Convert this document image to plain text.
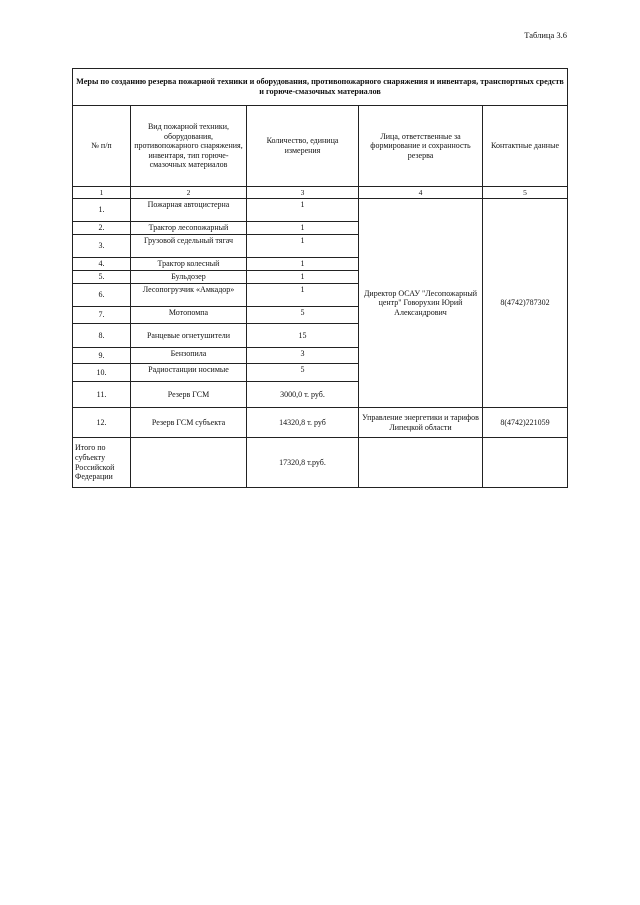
Таблица 3.6
Меры по созданию резерва пожарной техники и оборудования, противопожарного снаряжения и инвентаря, транспортных средств и горюче-смазочных материалов				
№ п/п	Вид пожарной техники, оборудования, противопожарного снаряжения, инвентаря, тип горюче-смазочных материалов	Количество, единица измерения	Лица, ответственные за формирование и сохранность резерва	Контактные данные
1	2	3	4	5
1.	Пожарная автоцистерна	1	Директор ОСАУ "Лесопожарный центр" Говорухин Юрий Александрович	8(4742)787302
2.	Трактор лесопожарный	1		
3.	Грузовой седельный тягач	1		
4.	Трактор колесный	1		
5.	Бульдозер	1		
6.	Лесопогрузчик «Амкадор»	1		
7.	Мотопомпа	5		
8.	Ранцевые огнетушители	15		
9.	Бензопила	3		
10.	Радиостанции носимые	5		
11.	Резерв ГСМ	3000,0 т. руб.		
12.	Резерв ГСМ субъекта	14320,8 т. руб	Управление энергетики и тарифов Липецкой области	8(4742)221059
Итого по субъекту Российской Федерации		17320,8 т.руб.		
